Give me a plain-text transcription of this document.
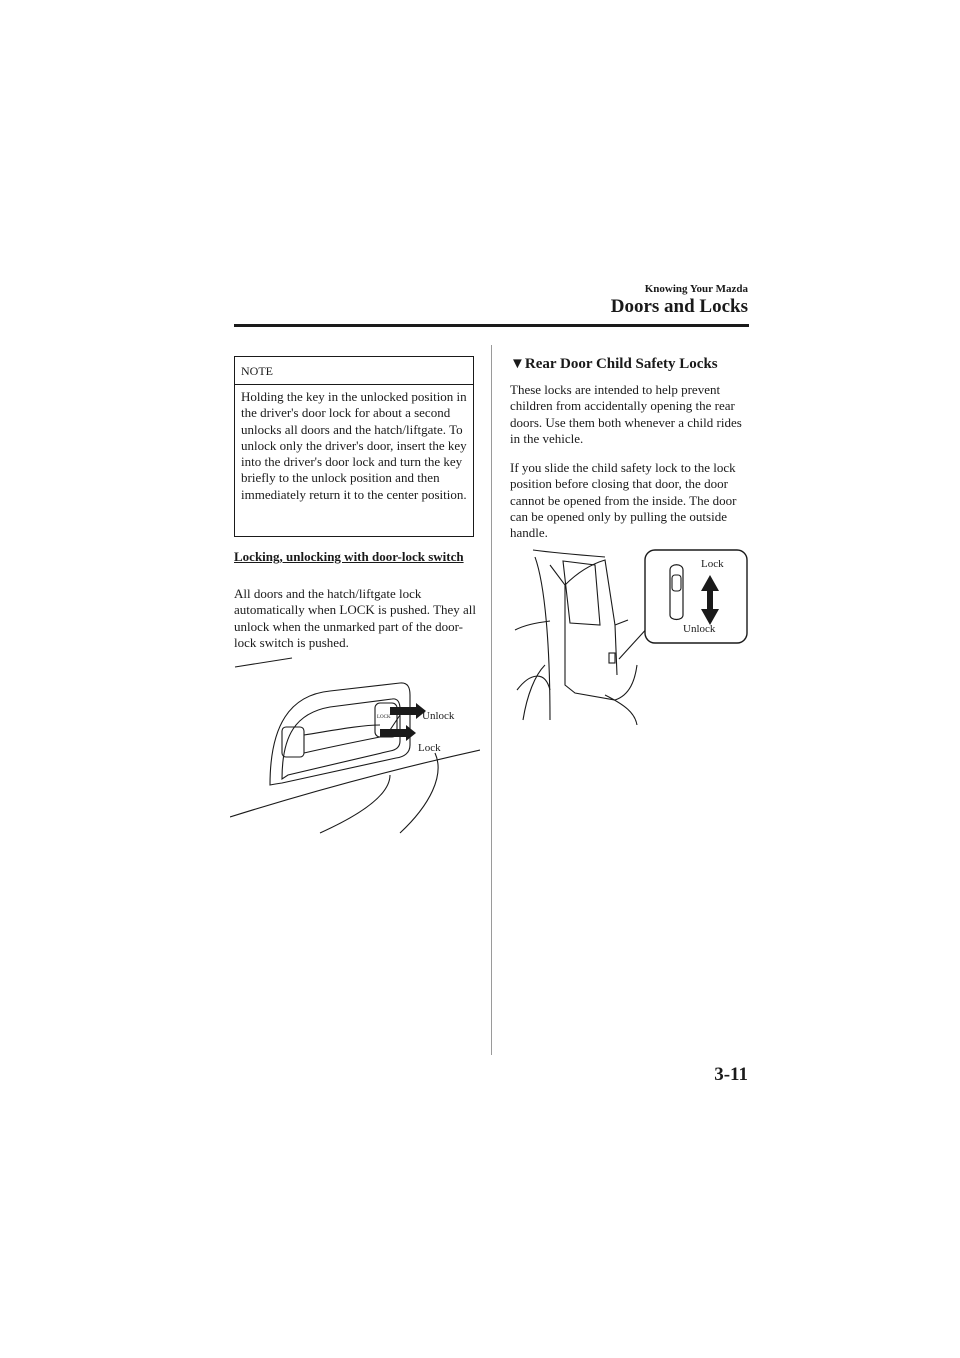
Knowing Your Mazda
Doors and Locks
NOTE
Holding the key in the unlocked position in the driver's door lock for about a second unlocks all doors and the hatch/liftgate. To unlock only the driver's door, insert the key into the driver's door lock and turn the key briefly to the unlock position and then immediately return it to the center position.
Locking, unlocking with door-lock switch
All doors and the hatch/liftgate lock automatically when LOCK is pushed. They all unlock when the unmarked part of the door-lock switch is pushed.
LOCK	Unlock
Lock
▼Rear Door Child Safety Locks
These locks are intended to help prevent children from accidentally opening the rear doors. Use them both whenever a child rides in the vehicle.
If you slide the child safety lock to the lock position before closing that door, the door cannot be opened from the inside. The door can be opened only by pulling the outside handle.
Lock
Unlock
3-11
